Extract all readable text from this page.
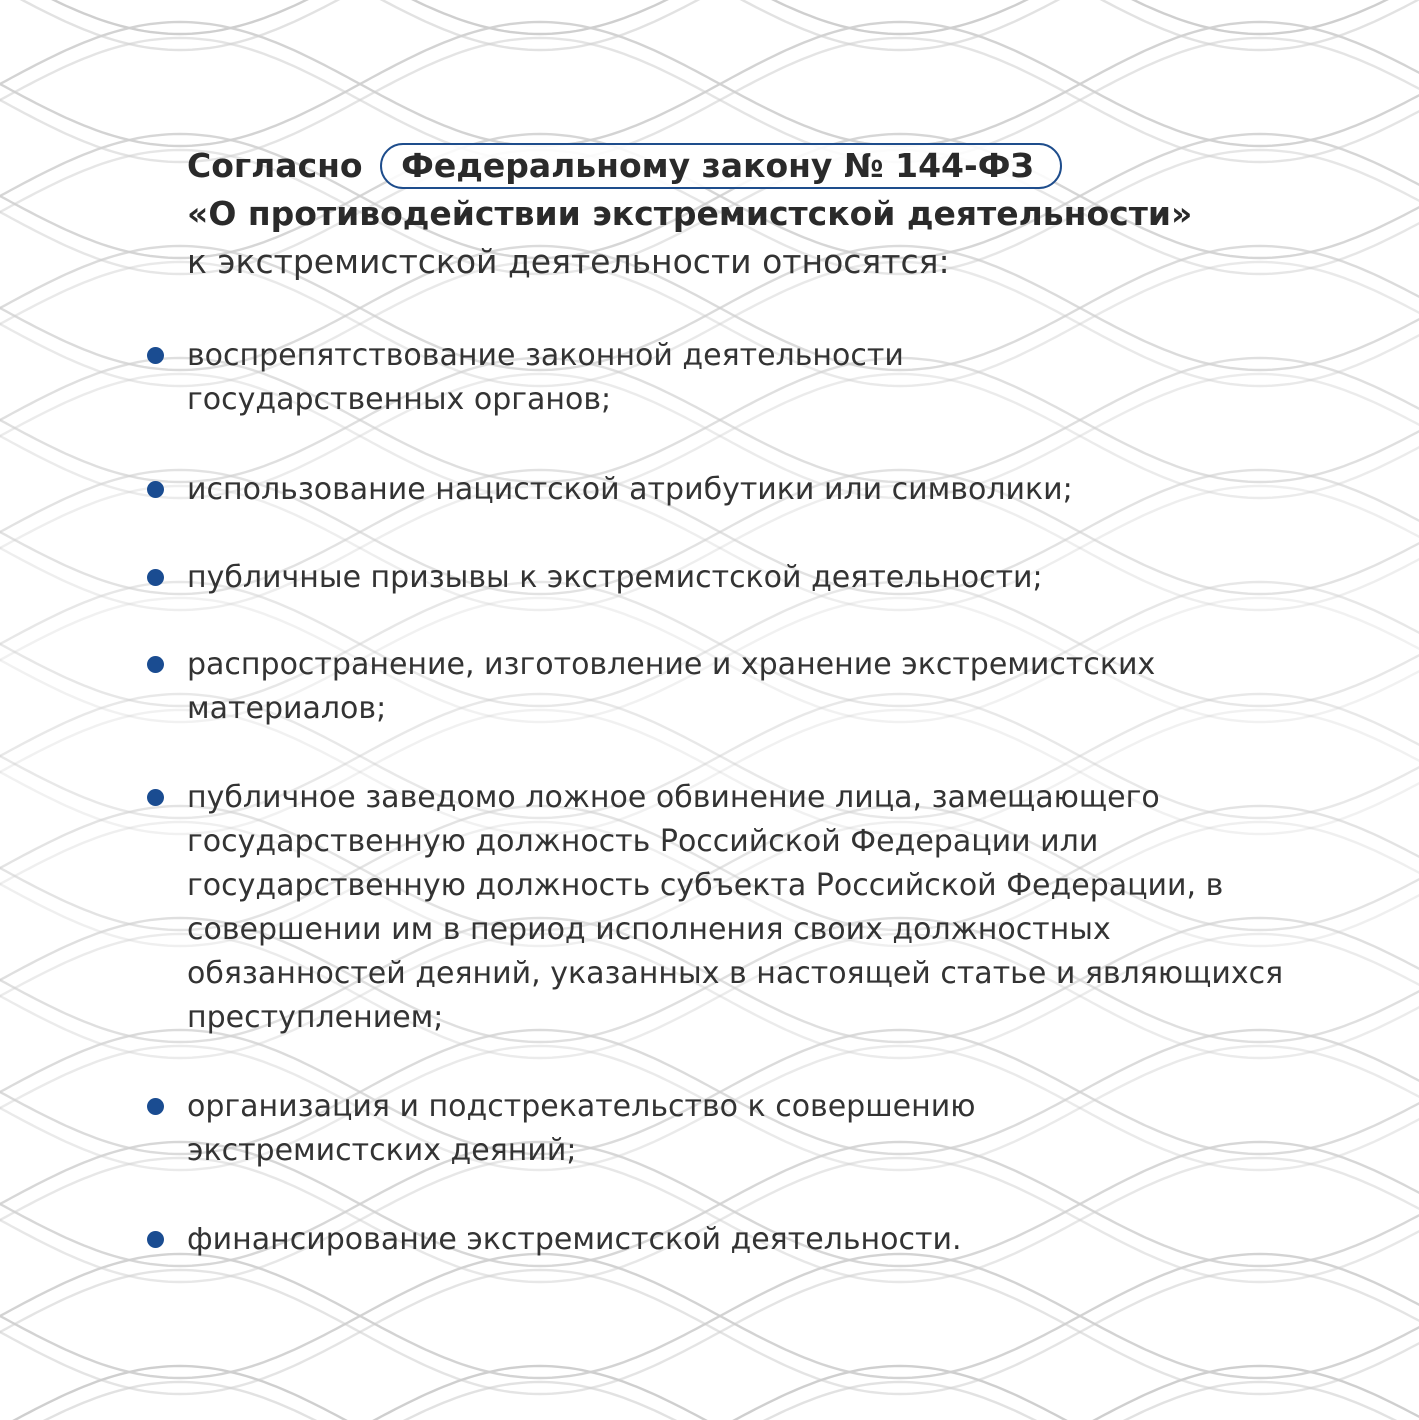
Согласно Федеральному закону № 144-ФЗ
«О противодействии экстремистской деятельности»
к экстремистской деятельности относятся:
воспрепятствование законной деятельности государственных органов;
использование нацистской атрибутики или символики;
публичные призывы к экстремистской деятельности;
распространение, изготовление и хранение экстремистских материалов;
публичное заведомо ложное обвинение лица, замещающего государственную должность Российской Федерации или государственную должность субъекта Российской Федерации, в совершении им в период исполнения своих должностных обязанностей деяний, указанных в настоящей статье и являющихся преступлением;
организация и подстрекательство к совершению экстремистских деяний;
финансирование экстремистской деятельности.
